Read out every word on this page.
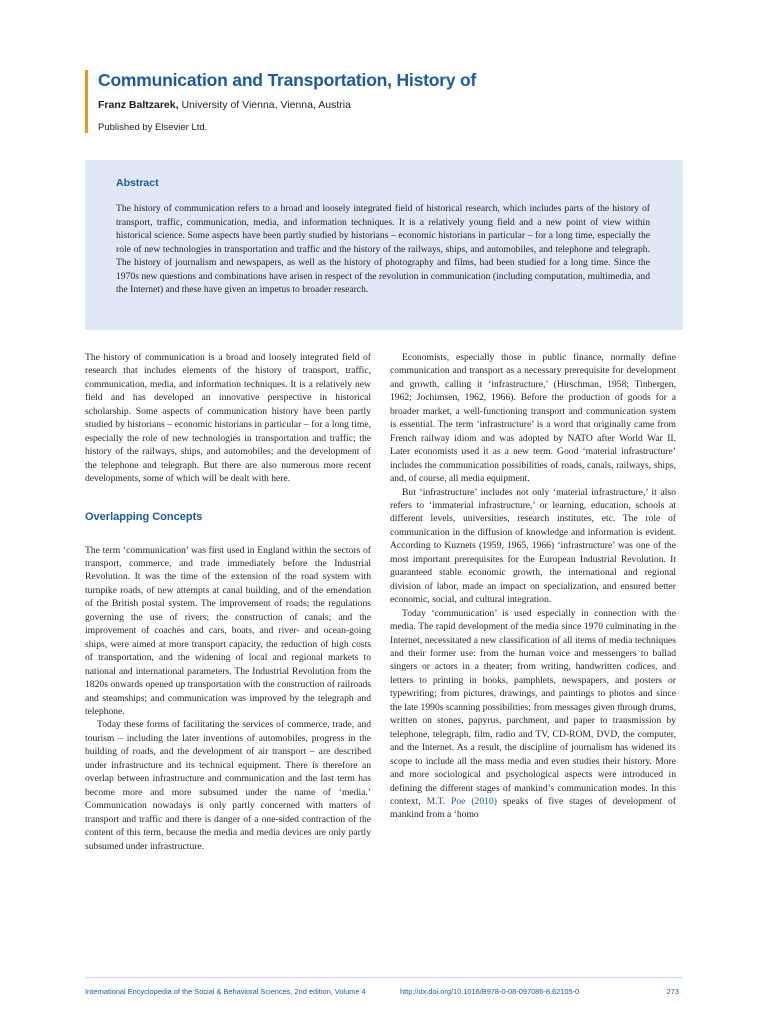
Communication and Transportation, History of
Franz Baltzarek, University of Vienna, Vienna, Austria
Published by Elsevier Ltd.
Abstract

The history of communication refers to a broad and loosely integrated field of historical research, which includes parts of the history of transport, traffic, communication, media, and information techniques. It is a relatively young field and a new point of view within historical science. Some aspects have been partly studied by historians – economic historians in particular – for a long time, especially the role of new technologies in transportation and traffic and the history of the railways, ships, and automobiles, and telephone and telegraph. The history of journalism and newspapers, as well as the history of photography and films, had been studied for a long time. Since the 1970s new questions and combinations have arisen in respect of the revolution in communication (including computation, multimedia, and the Internet) and these have given an impetus to broader research.

The history of communication is a broad and loosely integrated field of research that includes elements of the history of transport, traffic, communication, media, and information techniques. It is a relatively new field and has developed an innovative perspective in historical scholarship. Some aspects of communication history have been partly studied by historians – economic historians in particular – for a long time, especially the role of new technologies in transportation and traffic; the history of the railways, ships, and automobiles; and the development of the telephone and telegraph. But there are also numerous more recent developments, some of which will be dealt with here.

Overlapping Concepts

The term ‘communication’ was first used in England within the sectors of transport, commerce, and trade immediately before the Industrial Revolution. It was the time of the extension of the road system with turnpike roads, of new attempts at canal building, and of the emendation of the British postal system. The improvement of roads; the regulations governing the use of rivers; the construction of canals; and the improvement of coaches and cars, boats, and river- and ocean-going ships, were aimed at more transport capacity, the reduction of high costs of transportation, and the widening of local and regional markets to national and international parameters. The Industrial Revolution from the 1820s onwards opened up transportation with the construction of railroads and steamships; and communication was improved by the telegraph and telephone.

Today these forms of facilitating the services of commerce, trade, and tourism – including the later inventions of automobiles, progress in the building of roads, and the development of air transport – are described under infrastructure and its technical equipment. There is therefore an overlap between infrastructure and communication and the last term has become more and more subsumed under the name of ‘media.’ Communication nowadays is only partly concerned with matters of transport and traffic and there is danger of a one-sided contraction of the content of this term, because the media and media devices are only partly subsumed under infrastructure.

Economists, especially those in public finance, normally define communication and transport as a necessary prerequisite for development and growth, calling it ‘infrastructure,’ (Hirschman, 1958; Tinbergen, 1962; Jochimsen, 1962, 1966). Before the production of goods for a broader market, a well-functioning transport and communication system is essential. The term ‘infrastructure’ is a word that originally came from French railway idiom and was adopted by NATO after World War II. Later economists used it as a new term. Good ‘material infrastructure’ includes the communication possibilities of roads, canals, railways, ships, and, of course, all media equipment.

But ‘infrastructure’ includes not only ‘material infrastructure,’ it also refers to ‘immaterial infrastructure,’ or learning, education, schools at different levels, universities, research institutes, etc. The role of communication in the diffusion of knowledge and information is evident. According to Kuznets (1959, 1965, 1966) ‘infrastructure’ was one of the most important prerequisites for the European Industrial Revolution. It guaranteed stable economic growth, the international and regional division of labor, made an impact on specialization, and ensured better economic, social, and cultural integration.

Today ‘communication’ is used especially in connection with the media. The rapid development of the media since 1970 culminating in the Internet, necessitated a new classification of all items of media techniques and their former use: from the human voice and messengers to ballad singers or actors in a theater; from writing, handwritten codices, and letters to printing in books, pamphlets, newspapers, and posters or typewriting; from pictures, drawings, and paintings to photos and since the late 1990s scanning possibilities; from messages given through drums, written on stones, papyrus, parchment, and paper to transmission by telephone, telegraph, film, radio and TV, CD-ROM, DVD, the computer, and the Internet. As a result, the discipline of journalism has widened its scope to include all the mass media and even studies their history. More and more sociological and psychological aspects were introduced in defining the different stages of mankind’s communication modes. In this context, M.T. Poe (2010) speaks of five stages of development of mankind from a ‘homo

International Encyclopedia of the Social & Behavioral Sciences, 2nd edition, Volume 4	http://dx.doi.org/10.1016/B978-0-08-097086-8.62105-0	273
